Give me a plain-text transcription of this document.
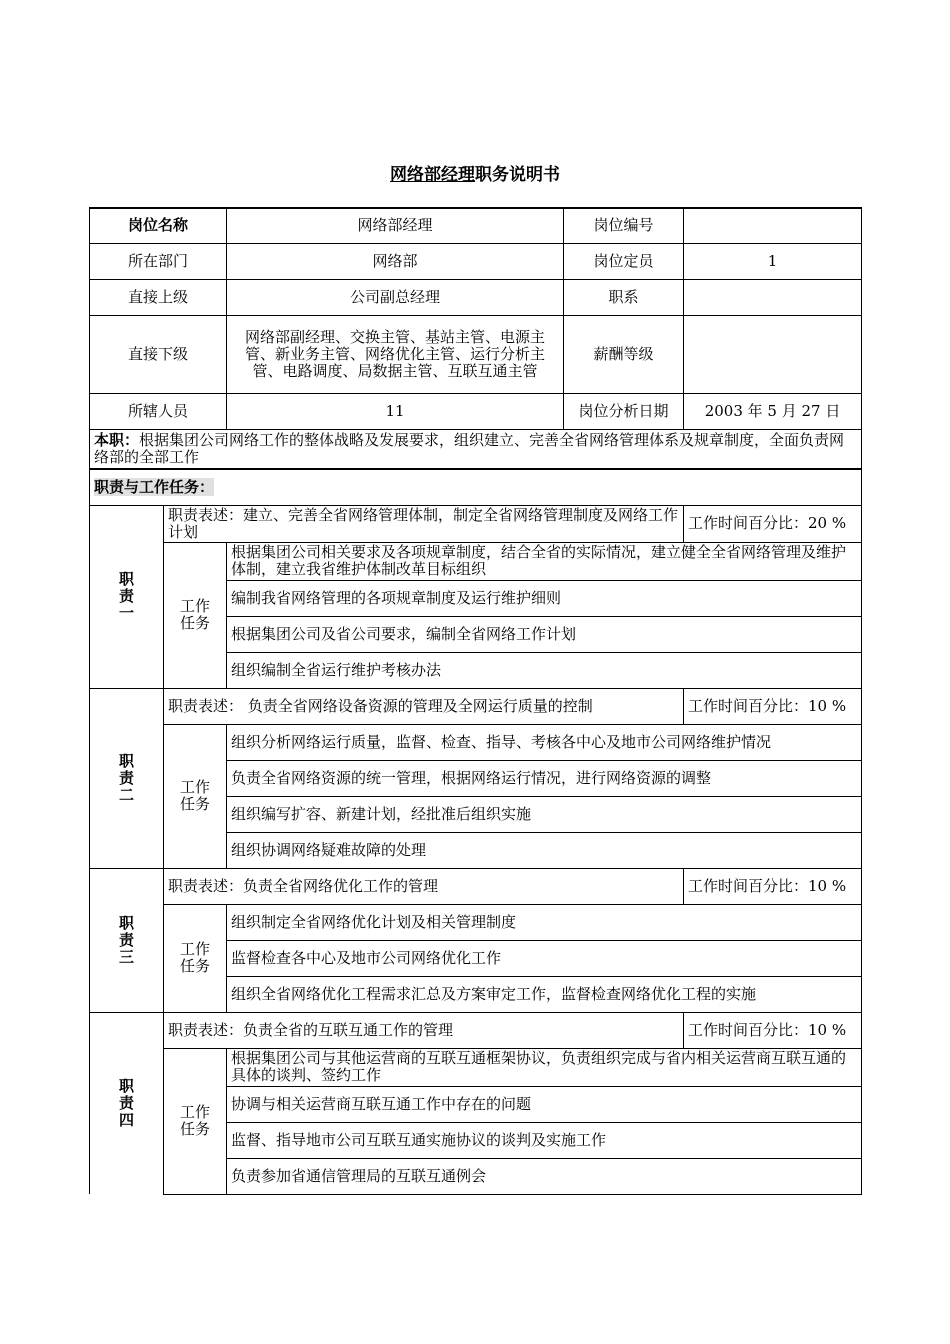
网络部经理职务说明书
岗位名称		网络部经理	岗位编号	
所在部门		网络部	岗位定员	1
直接上级		公司副总经理	职系	
直接下级		网络部副经理、交换主管、基站主管、电源主管、新业务主管、网络优化主管、运行分析主管、电路调度、局数据主管、互联互通主管	薪酬等级	
所辖人员		11	岗位分析日期	2003 年 5 月 27 日
本职：根据集团公司网络工作的整体战略及发展要求，组织建立、完善全省网络管理体系及规章制度，全面负责网络部的全部工作				
职责与工作任务：				
职
责
一	职责表述：建立、完善全省网络管理体制，制定全省网络管理制度及网络工作计划			工作时间百分比：20 %
	工作
任务	根据集团公司相关要求及各项规章制度，结合全省的实际情况，建立健全全省网络管理及维护体制，建立我省维护体制改革目标组织		
		编制我省网络管理的各项规章制度及运行维护细则		
		根据集团公司及省公司要求，编制全省网络工作计划		
		组织编制全省运行维护考核办法		
职
责
二	职责表述： 负责全省网络设备资源的管理及全网运行质量的控制			工作时间百分比：10 %
	工作
任务	组织分析网络运行质量，监督、检查、指导、考核各中心及地市公司网络维护情况		
		负责全省网络资源的统一管理，根据网络运行情况，进行网络资源的调整		
		组织编写扩容、新建计划，经批准后组织实施		
		组织协调网络疑难故障的处理		
职
责
三	职责表述：负责全省网络优化工作的管理			工作时间百分比：10 %
	工作
任务	组织制定全省网络优化计划及相关管理制度		
		监督检查各中心及地市公司网络优化工作		
		组织全省网络优化工程需求汇总及方案审定工作，监督检查网络优化工程的实施		
职
责
四	职责表述：负责全省的互联互通工作的管理			工作时间百分比：10 %
	工作
任务	根据集团公司与其他运营商的互联互通框架协议，负责组织完成与省内相关运营商互联互通的具体的谈判、签约工作		
		协调与相关运营商互联互通工作中存在的问题		
		监督、指导地市公司互联互通实施协议的谈判及实施工作		
		负责参加省通信管理局的互联互通例会		
